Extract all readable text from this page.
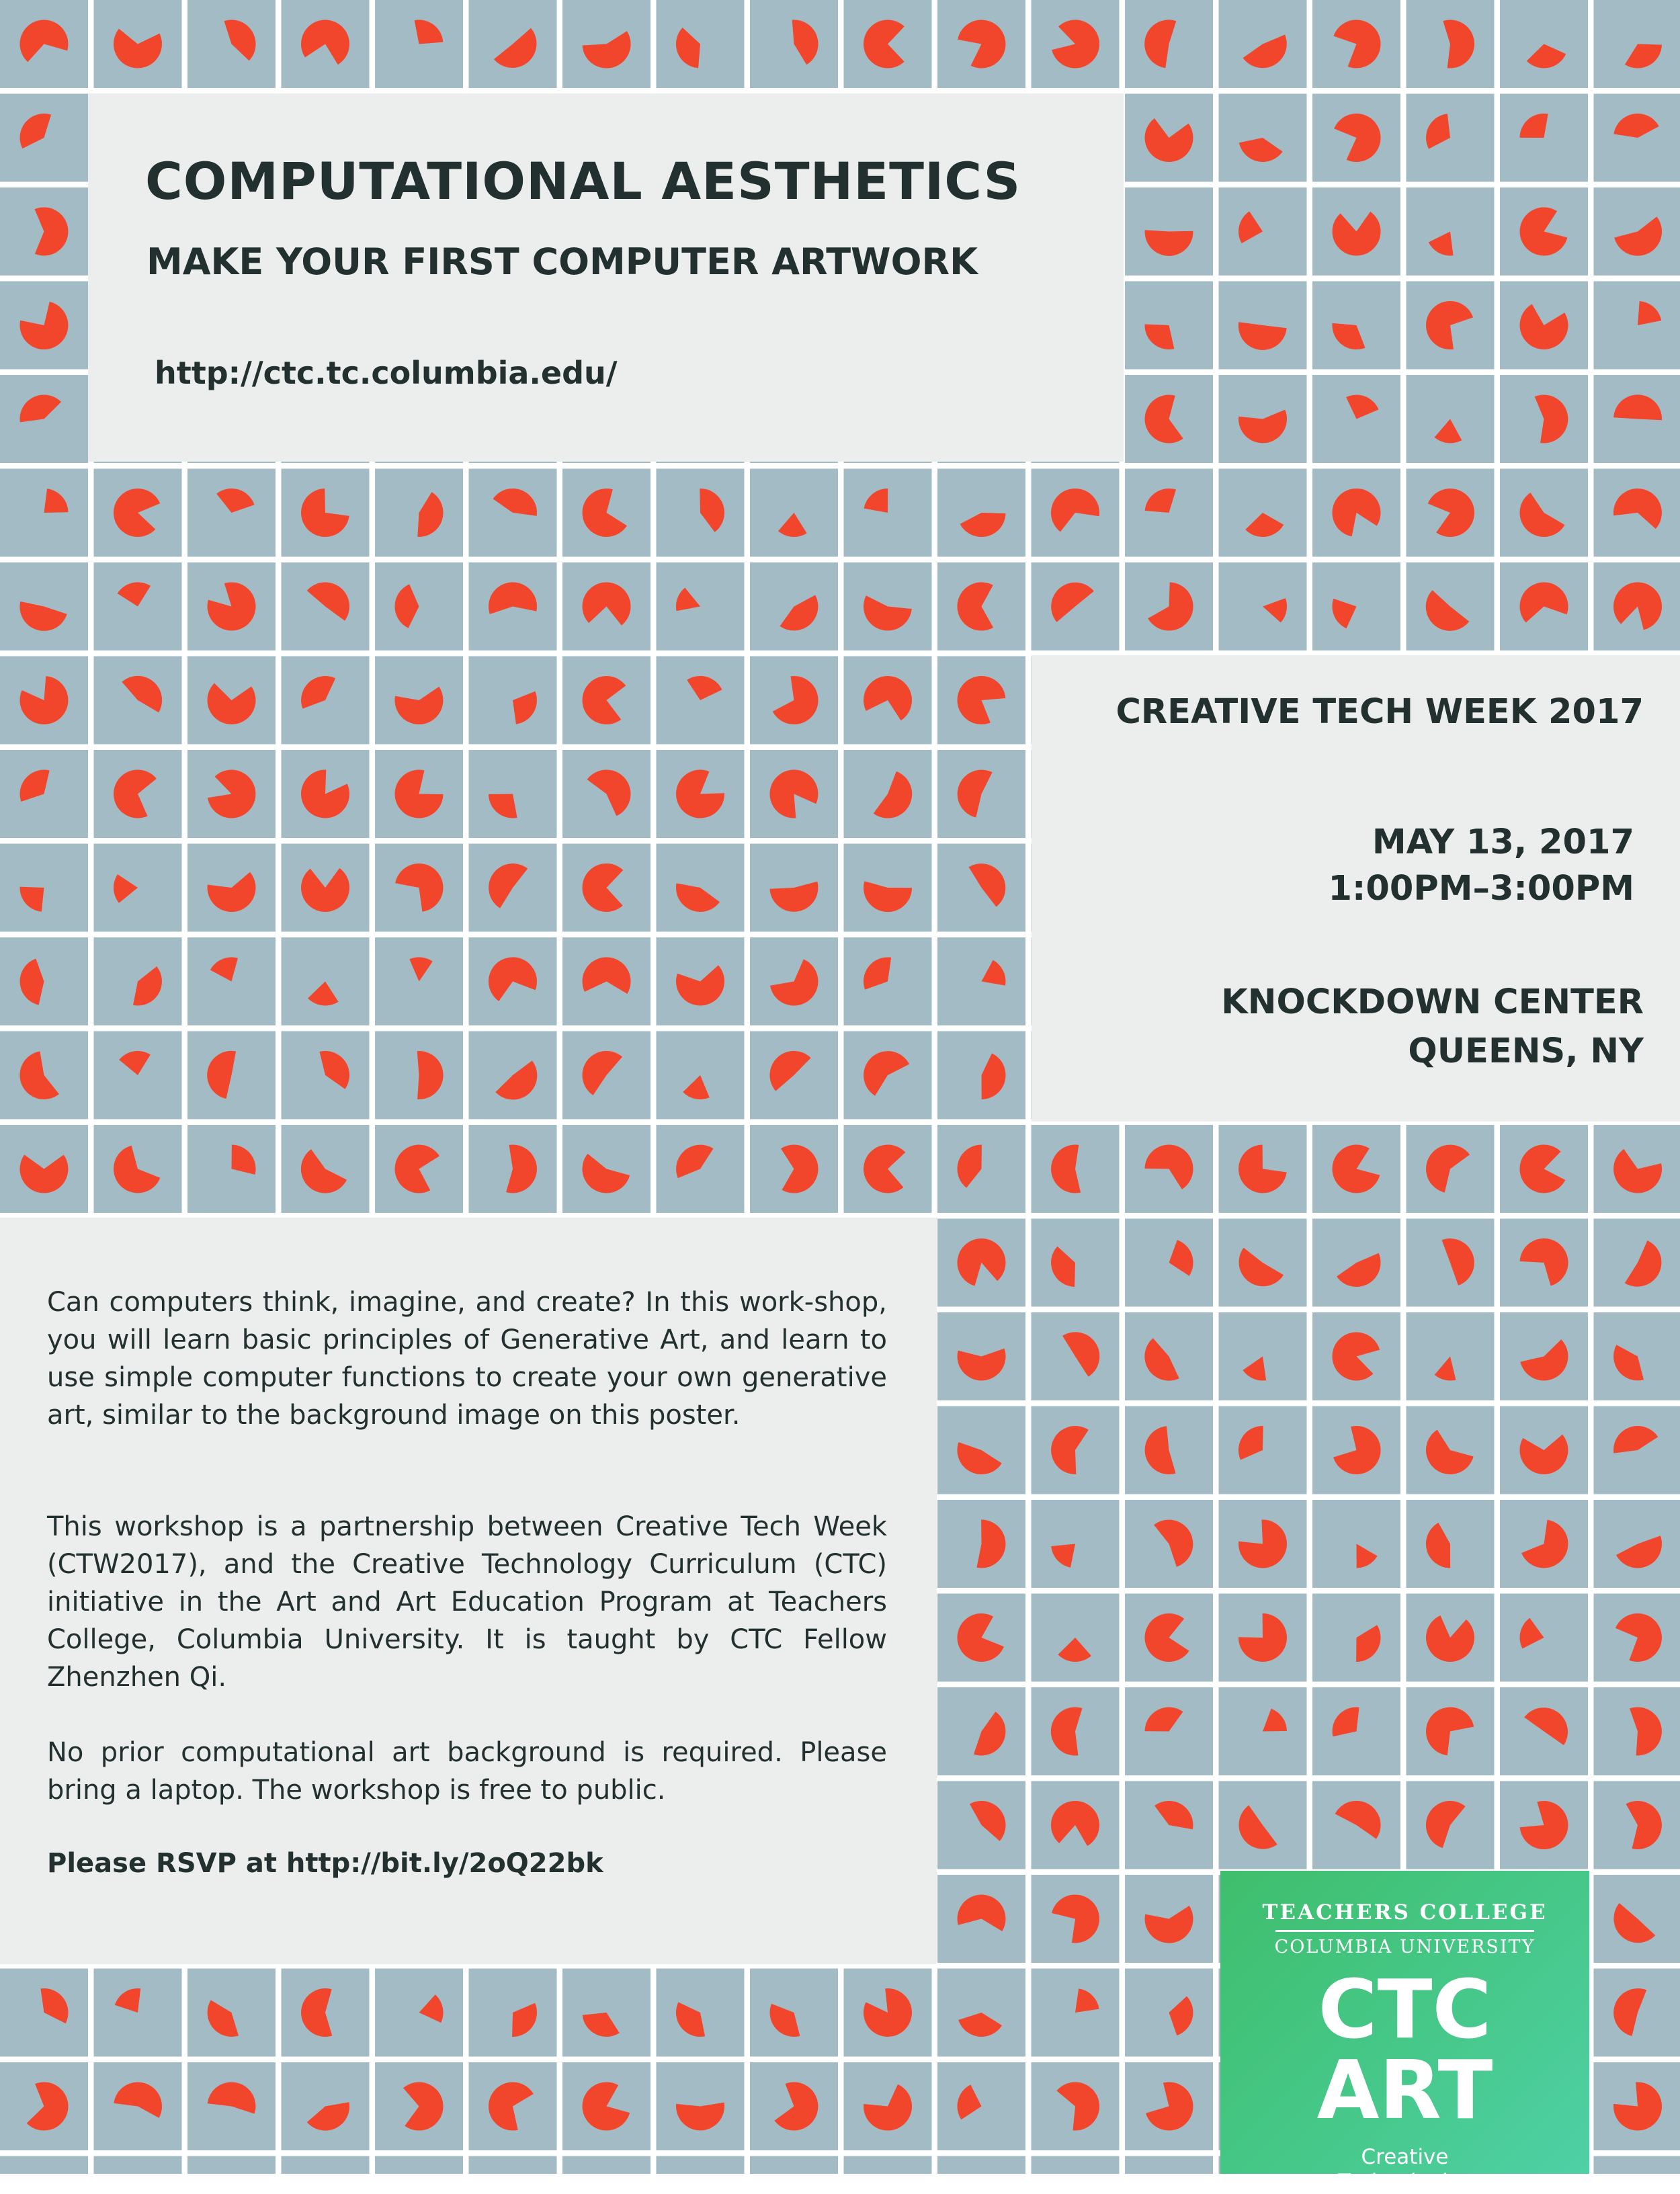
COMPUTATIONAL AESTHETICS
MAKE YOUR FIRST COMPUTER ARTWORK

http://ctc.tc.columbia.edu/

CREATIVE TECH WEEK 2017

MAY 13, 2017

1:00PM–3:00PM

KNOCKDOWN CENTER

QUEENS, NY

Can computers think, imagine, and create? In this work-shop, you will learn basic principles of Generative Art, and learn to use simple computer functions to create your own generative art, similar to the background image on this poster.

This workshop is a partnership between Creative Tech Week (CTW2017), and the Creative Technology Curriculum (CTC) initiative in the Art and Art Education Program at Teachers College, Columbia University. It is taught by CTC Fellow Zhenzhen Qi.

No prior computational art background is required. Please bring a laptop. The workshop is free to public.

Please RSVP at http://bit.ly/2oQ22bk

TEACHERS COLLEGE
COLUMBIA UNIVERSITY
CTC
ART
Creative
Technologies
